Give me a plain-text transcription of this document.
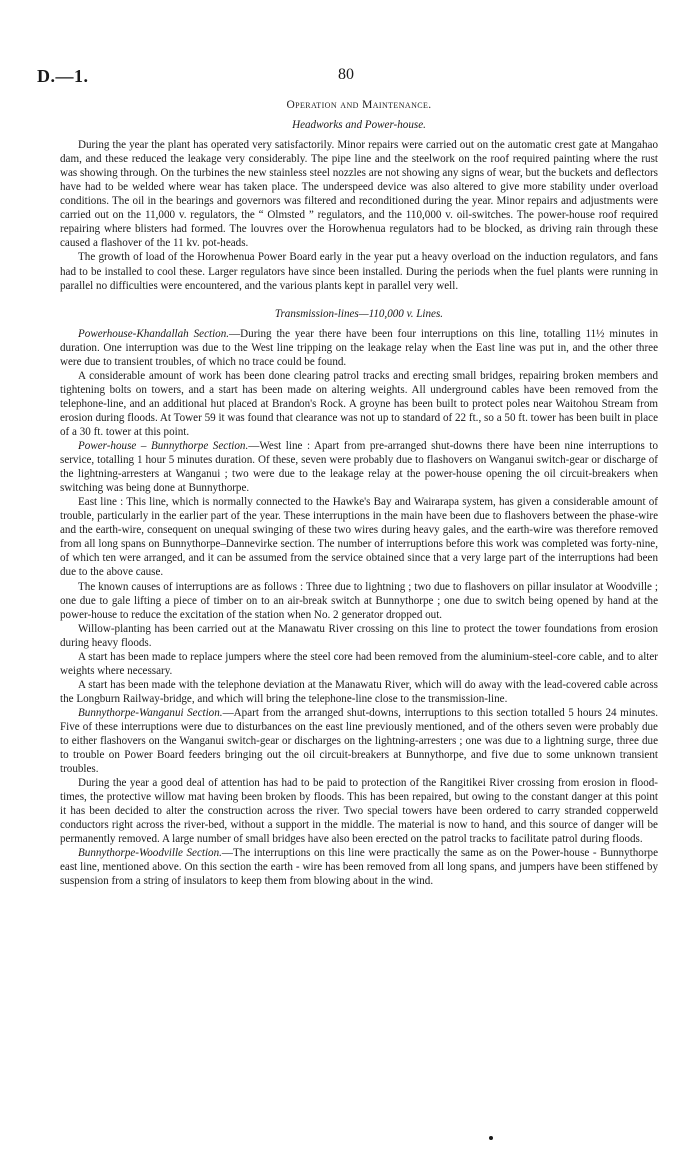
D.—1.	80
Operation and Maintenance.
Headworks and Power-house.

During the year the plant has operated very satisfactorily. Minor repairs were carried out on the automatic crest gate at Mangahao dam, and these reduced the leakage very considerably. The pipe line and the steelwork on the roof required painting where the rust was showing through. On the turbines the new stainless steel nozzles are not showing any signs of wear, but the buckets and deflectors have had to be welded where wear has taken place. The underspeed device was also altered to give more stability under overload conditions. The oil in the bearings and governors was filtered and reconditioned during the year. Minor repairs and adjustments were carried out on the 11,000 v. regulators, the “ Olmsted ” regulators, and the 110,000 v. oil-switches. The power-house roof required repairing where blisters had formed. The louvres over the Horowhenua regulators had to be blocked, as driving rain through these caused a flashover of the 11 kv. pot-heads.

The growth of load of the Horowhenua Power Board early in the year put a heavy overload on the induction regulators, and fans had to be installed to cool these. Larger regulators have since been installed. During the periods when the fuel plants were running in parallel no difficulties were encountered, and the various plants kept in parallel very well.

Transmission-lines—110,000 v. Lines.

Powerhouse-Khandallah Section.—During the year there have been four interruptions on this line, totalling 11½ minutes in duration. One interruption was due to the West line tripping on the leakage relay when the East line was put in, and the other three were due to transient troubles, of which no trace could be found.

A considerable amount of work has been done clearing patrol tracks and erecting small bridges, repairing broken members and tightening bolts on towers, and a start has been made on altering weights. All underground cables have been removed from the telephone-line, and an additional hut placed at Brandon's Rock. A groyne has been built to protect poles near Waitohou Stream from erosion during floods. At Tower 59 it was found that clearance was not up to standard of 22 ft., so a 50 ft. tower has been built in place of a 30 ft. tower at this point.

Power-house – Bunnythorpe Section.—West line : Apart from pre-arranged shut-downs there have been nine interruptions to service, totalling 1 hour 5 minutes duration. Of these, seven were probably due to flashovers on Wanganui switch-gear or discharge of the lightning-arresters at Wanganui ; two were due to the leakage relay at the power-house opening the oil circuit-breakers when switching was being done at Bunnythorpe.

East line : This line, which is normally connected to the Hawke's Bay and Wairarapa system, has given a considerable amount of trouble, particularly in the earlier part of the year. These interruptions in the main have been due to flashovers between the phase-wire and the earth-wire, consequent on unequal swinging of these two wires during heavy gales, and the earth-wire was therefore removed from all long spans on Bunnythorpe–Dannevirke section. The number of interruptions before this work was completed was forty-nine, of which ten were arranged, and it can be assumed from the service obtained since that a very large part of the interruptions had been due to the above cause.

The known causes of interruptions are as follows : Three due to lightning ; two due to flashovers on pillar insulator at Woodville ; one due to gale lifting a piece of timber on to an air-break switch at Bunnythorpe ; one due to switch being opened by hand at the power-house to reduce the excitation of the station when No. 2 generator dropped out.

Willow-planting has been carried out at the Manawatu River crossing on this line to protect the tower foundations from erosion during heavy floods.

A start has been made to replace jumpers where the steel core had been removed from the aluminium-steel-core cable, and to alter weights where necessary.

A start has been made with the telephone deviation at the Manawatu River, which will do away with the lead-covered cable across the Longburn Railway-bridge, and which will bring the telephone-line close to the transmission-line.

Bunnythorpe-Wanganui Section.—Apart from the arranged shut-downs, interruptions to this section totalled 5 hours 24 minutes. Five of these interruptions were due to disturbances on the east line previously mentioned, and of the others seven were probably due to either flashovers on the Wanganui switch-gear or discharges on the lightning-arresters ; one was due to a lightning surge, three due to trouble on Power Board feeders bringing out the oil circuit-breakers at Bunnythorpe, and five due to some unknown transient troubles.

During the year a good deal of attention has had to be paid to protection of the Rangitikei River crossing from erosion in flood-times, the protective willow mat having been broken by floods. This has been repaired, but owing to the constant danger at this point it has been decided to alter the construction across the river. Two special towers have been ordered to carry stranded copperweld conductors right across the river-bed, without a support in the middle. The material is now to hand, and this source of danger will be permanently removed. A large number of small bridges have also been erected on the patrol tracks to facilitate patrol during floods.

Bunnythorpe-Woodville Section.—The interruptions on this line were practically the same as on the Power-house - Bunnythorpe east line, mentioned above. On this section the earth - wire has been removed from all long spans, and jumpers have been stiffened by suspension from a string of insulators to keep them from blowing about in the wind.
